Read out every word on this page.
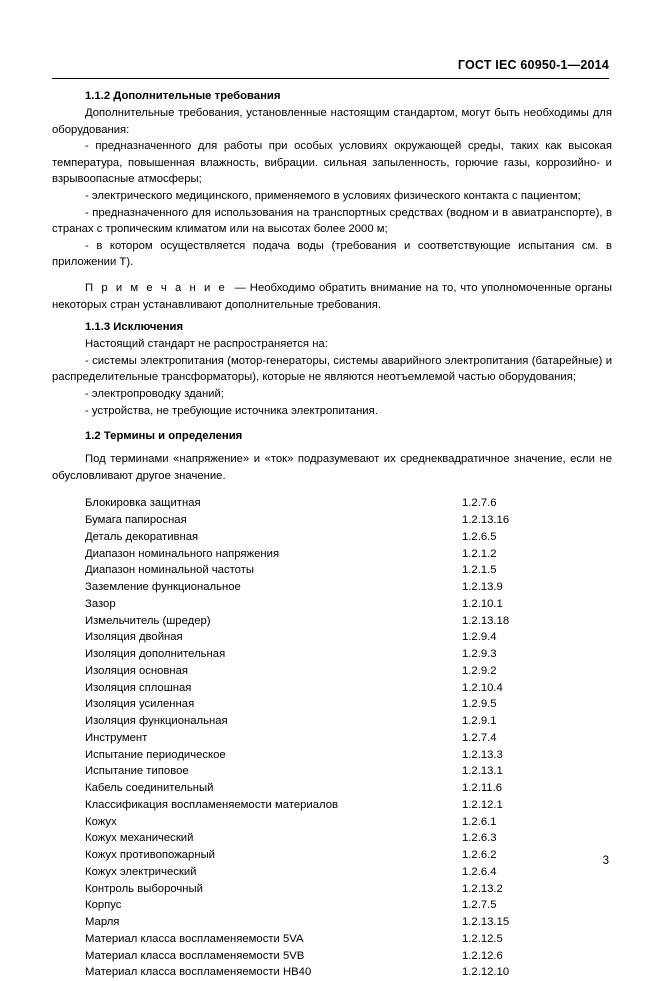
ГОСТ IEC 60950-1—2014
1.1.2 Дополнительные требования

Дополнительные требования, установленные настоящим стандартом, могут быть необходимы для оборудования:

- предназначенного для работы при особых условиях окружающей среды, таких как высокая температура, повышенная влажность, вибрации. сильная запыленность, горючие газы, коррозийно- и взрывоопасные атмосферы;

- электрического медицинского, применяемого в условиях физического контакта с пациентом;

- предназначенного для использования на транспортных средствах (водном и в авиатранспорте), в странах с тропическим климатом или на высотах более 2000 м;

- в котором осуществляется подача воды (требования и соответствующие испытания см. в приложении Т).

П р и м е ч а н и е — Необходимо обратить внимание на то, что уполномоченные органы некоторых стран устанавливают дополнительные требования.

1.1.3 Исключения

Настоящий стандарт не распространяется на:

- системы электропитания (мотор-генераторы, системы аварийного электропитания (батарейные) и распределительные трансформаторы), которые не являются неотъемлемой частью оборудования;

- электропроводку зданий;

- устройства, не требующие источника электропитания.

1.2 Термины и определения

Под терминами «напряжение» и «ток» подразумевают их среднеквадратичное значение, если не обусловливают другое значение.

Блокировка защитная	1.2.7.6
Бумага папиросная	1.2.13.16
Деталь декоративная	1.2.6.5
Диапазон номинального напряжения	1.2.1.2
Диапазон номинальной частоты	1.2.1.5
Заземление функциональное	1.2.13.9
Зазор	1.2.10.1
Измельчитель (шредер)	1.2.13.18
Изоляция двойная	1.2.9.4
Изоляция дополнительная	1.2.9.3
Изоляция основная	1.2.9.2
Изоляция сплошная	1.2.10.4
Изоляция усиленная	1.2.9.5
Изоляция функциональная	1.2.9.1
Инструмент	1.2.7.4
Испытание периодическое	1.2.13.3
Испытание типовое	1.2.13.1
Кабель соединительный	1.2.11.6
Классификация воспламеняемости материалов	1.2.12.1
Кожух	1.2.6.1
Кожух механический	1.2.6.3
Кожух противопожарный	1.2.6.2
Кожух электрический	1.2.6.4
Контроль выборочный	1.2.13.2
Корпус	1.2.7.5
Марля	1.2.13.15
Материал класса воспламеняемости 5VA	1.2.12.5
Материал класса воспламеняемости 5VB	1.2.12.6
Материал класса воспламеняемости HB40	1.2.12.10
3
